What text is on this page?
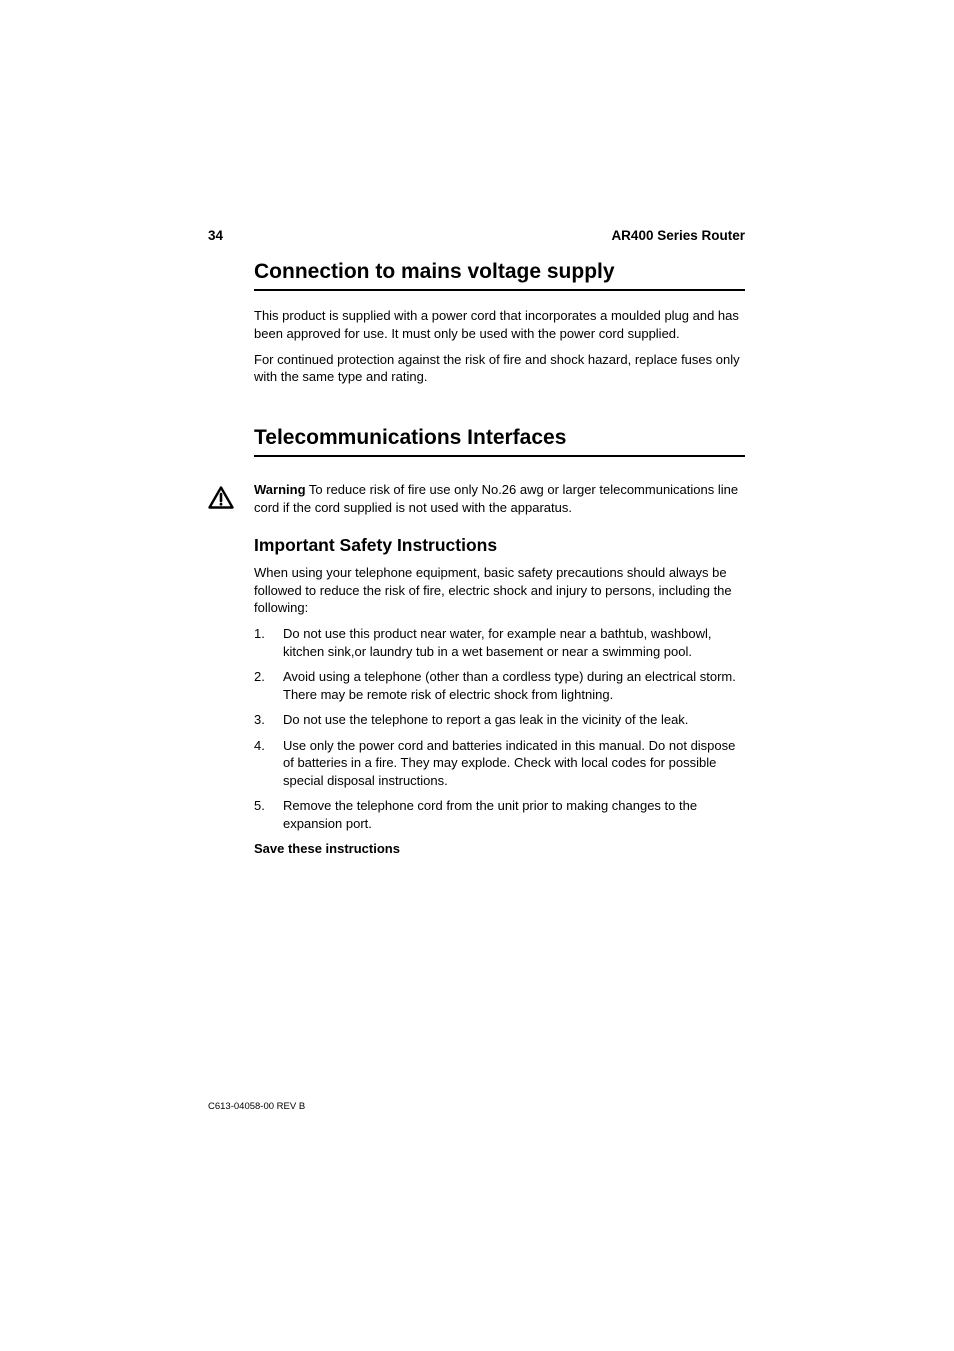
34	AR400 Series Router
Connection to mains voltage supply

This product is supplied with a power cord that incorporates a moulded plug and has been approved for use. It must only be used with the power cord supplied.

For continued protection against the risk of fire and shock hazard, replace fuses only with the same type and rating.

Telecommunications Interfaces

Warning To reduce risk of fire use only No.26 awg or larger telecommunications line cord if the cord supplied is not used with the apparatus.

Important Safety Instructions

When using your telephone equipment, basic safety precautions should always be followed to reduce the risk of fire, electric shock and injury to persons, including the following:

1. Do not use this product near water, for example near a bathtub, washbowl, kitchen sink,or laundry tub in a wet basement or near a swimming pool.
2. Avoid using a telephone (other than a cordless type) during an electrical storm. There may be remote risk of electric shock from lightning.
3. Do not use the telephone to report a gas leak in the vicinity of the leak.
4. Use only the power cord and batteries indicated in this manual. Do not dispose of batteries in a fire. They may explode. Check with local codes for possible special disposal instructions.
5. Remove the telephone cord from the unit prior to making changes to the expansion port.
Save these instructions
C613-04058-00 REV B
